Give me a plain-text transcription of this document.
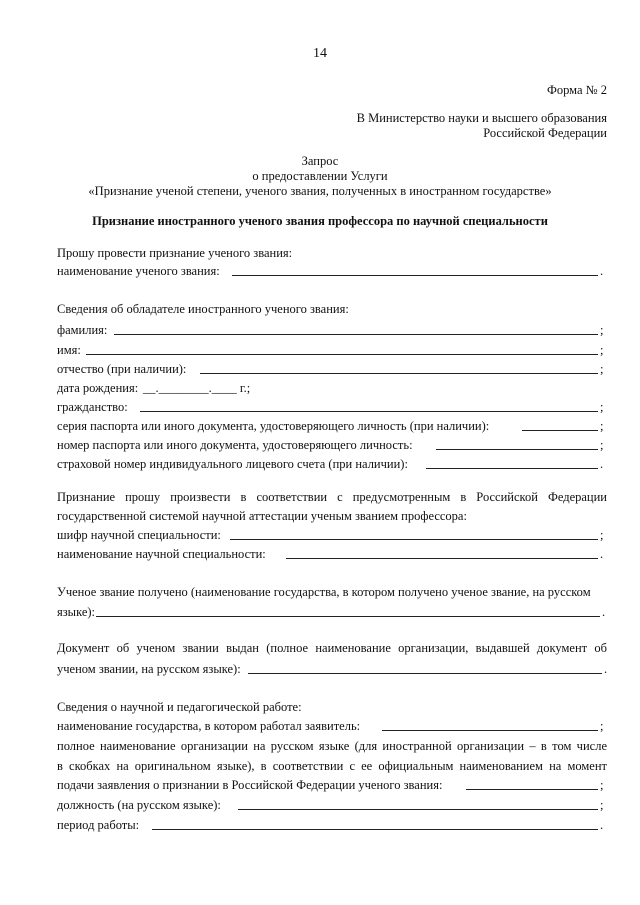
14
Форма № 2
В Министерство науки и высшего образования
Российской Федерации
Запрос
о предоставлении Услуги
«Признание ученой степени, ученого звания, полученных в иностранном государстве»
Признание иностранного ученого звания профессора по научной специальности
Прошу провести признание ученого звания:
наименование ученого звания:	.
Сведения об обладателе иностранного ученого звания:
фамилия:	;
имя:	;
отчество (при наличии):	;
дата рождения: __.________.____ г.;
гражданство:	;
серия паспорта или иного документа, удостоверяющего личность (при наличии):	;
номер паспорта или иного документа, удостоверяющего личность:	;
страховой номер индивидуального лицевого счета (при наличии):	.
Признание прошу произвести в соответствии с предусмотренным в Российской Федерации
государственной системой научной аттестации ученым званием профессора:
шифр научной специальности:	;
наименование научной специальности:	.
Ученое звание получено (наименование государства, в котором получено ученое звание, на русском
языке):	.
Документ об ученом звании выдан (полное наименование организации, выдавшей документ об
ученом звании, на русском языке):	.
Сведения о научной и педагогической работе:
наименование государства, в котором работал заявитель:	;
полное наименование организации на русском языке (для иностранной организации – в том числе
в скобках на оригинальном языке), в соответствии с ее официальным наименованием на момент
подачи заявления о признании в Российской Федерации ученого звания:	;
должность (на русском языке):	;
период работы:	.
